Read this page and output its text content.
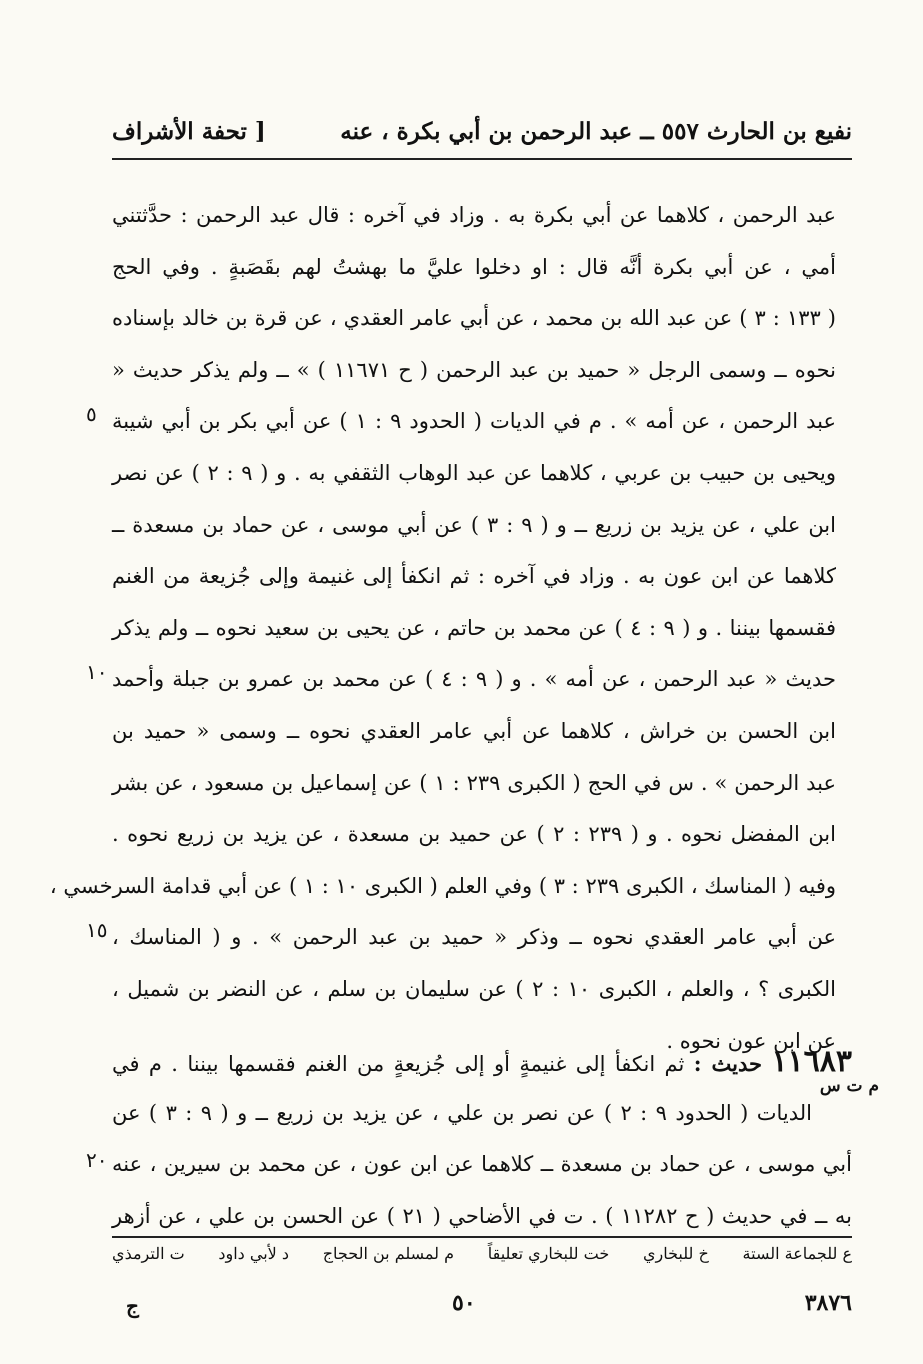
نفيع بن الحارث ٥٥٧ ــ عبد الرحمن بن أبي بكرة ، عنه
[ تحفة الأشراف
عبد الرحمن ، كلاهما عن أبي بكرة به . وزاد في آخره : قال عبد الرحمن : حدَّثتني
أمي ، عن أبي بكرة أنَّه قال : او دخلوا عليَّ ما بهشتُ لهم بقَصَبةٍ . وفي الحج
( ١٣٣ : ٣ ) عن عبد الله بن محمد ، عن أبي عامر العقدي ، عن قرة بن خالد بإسناده
نحوه ــ وسمى الرجل « حميد بن عبد الرحمن ( ح ١١٦٧١ ) » ــ ولم يذكر حديث «
عبد الرحمن ، عن أمه » . م في الديات ( الحدود ٩ : ١ ) عن أبي بكر بن أبي شيبة
ويحيى بن حبيب بن عربي ، كلاهما عن عبد الوهاب الثقفي به . و ( ٩ : ٢ ) عن نصر
ابن علي ، عن يزيد بن زريع ــ و ( ٩ : ٣ ) عن أبي موسى ، عن حماد بن مسعدة ــ
كلاهما عن ابن عون به . وزاد في آخره : ثم انكفأ إلى غنيمة وإلى جُزيعة من الغنم
فقسمها بيننا . و ( ٩ : ٤ ) عن محمد بن حاتم ، عن يحيى بن سعيد نحوه ــ ولم يذكر
حديث « عبد الرحمن ، عن أمه » . و ( ٩ : ٤ ) عن محمد بن عمرو بن جبلة وأحمد
ابن الحسن بن خراش ، كلاهما عن أبي عامر العقدي نحوه ــ وسمى « حميد بن
عبد الرحمن » . س في الحج ( الكبرى ٢٣٩ : ١ ) عن إسماعيل بن مسعود ، عن بشر
ابن المفضل نحوه . و ( ٢٣٩ : ٢ ) عن حميد بن مسعدة ، عن يزيد بن زريع نحوه .
وفيه ( المناسك ، الكبرى ٢٣٩ : ٣ ) وفي العلم ( الكبرى ١٠ : ١ ) عن أبي قدامة السرخسي ،
عن أبي عامر العقدي نحوه ــ وذكر « حميد بن عبد الرحمن » . و ( المناسك ،
الكبرى ؟ ، والعلم ، الكبرى ١٠ : ٢ ) عن سليمان بن سلم ، عن النضر بن شميل ،
عن ابن عون نحوه .
٥
١٠
١٥
٢٠
١١٦٨٣ حديث : ثم انكفأ إلى غنيمةٍ أو إلى جُزيعةٍ من الغنم فقسمها بيننا . م في
الديات ( الحدود ٩ : ٢ ) عن نصر بن علي ، عن يزيد بن زريع ــ و ( ٩ : ٣ ) عن
أبي موسى ، عن حماد بن مسعدة ــ كلاهما عن ابن عون ، عن محمد بن سيرين ، عنه
به ــ في حديث ( ح ١١٢٨٢ ) . ت في الأضاحي ( ٢١ ) عن الحسن بن علي ، عن أزهر
م ت س
ع للجماعة الستة
خ للبخاري
خت للبخاري تعليقاً
م لمسلم بن الحجاج
د لأبي داود
ت الترمذي
٣٨٧٦
٥٠
ج
